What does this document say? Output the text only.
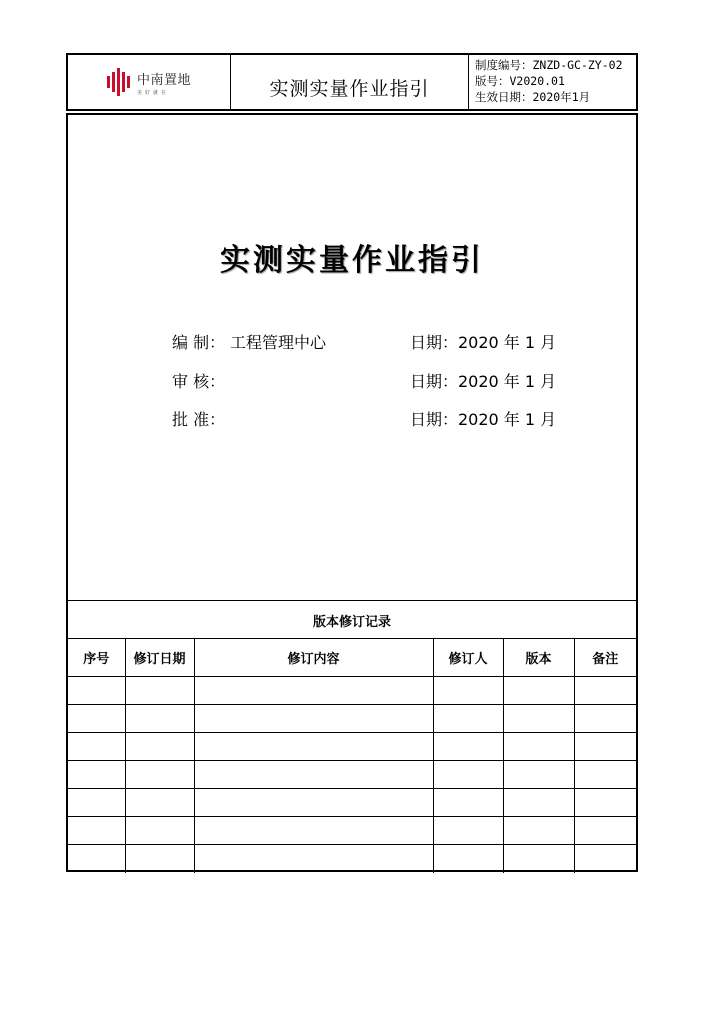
中南置地
美好就在	实测实量作业指引
制度编号：ZNZD-GC-ZY-02
版号：V2020.01
生效日期：2020年1月
实测实量作业指引
编 制： 工程管理中心	日期：2020 年 1 月
审 核：	日期：2020 年 1 月
批 准：	日期：2020 年 1 月
版本修订记录
序号	修订日期	修订内容	修订人	版本	备注
